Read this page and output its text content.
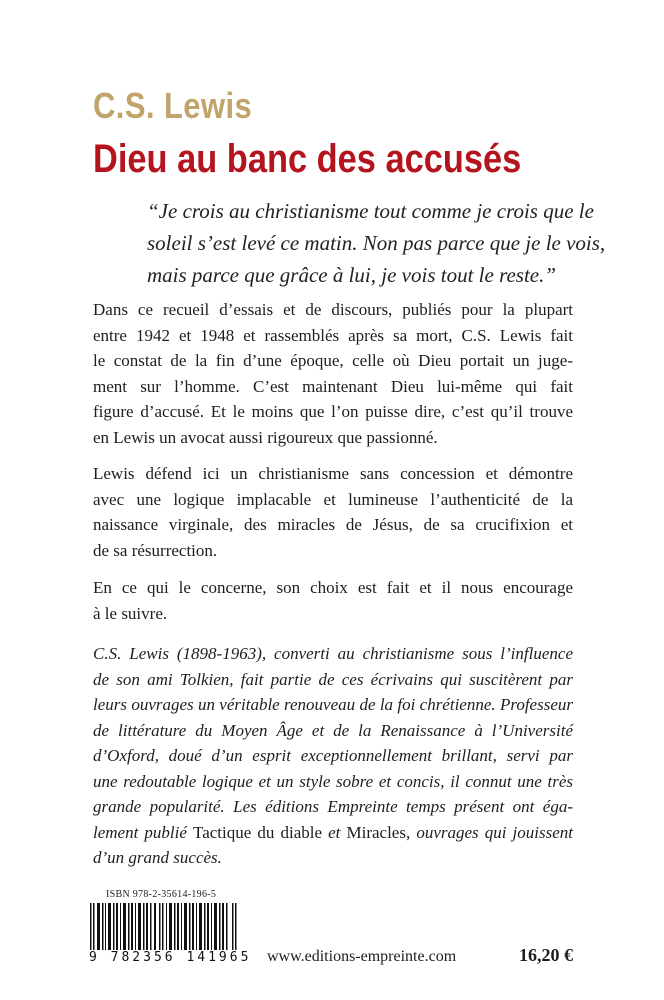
C.S. Lewis
Dieu au banc des accusés

“Je crois au christianisme tout comme je crois que le
soleil s’est levé ce matin. Non pas parce que je le vois,
mais parce que grâce à lui, je vois tout le reste.”

Dans ce recueil d’essais et de discours, publiés pour la plupart
entre 1942 et 1948 et rassemblés après sa mort, C.S. Lewis fait
le constat de la fin d’une époque, celle où Dieu portait un juge-
ment sur l’homme. C’est maintenant Dieu lui-même qui fait
figure d’accusé. Et le moins que l’on puisse dire, c’est qu’il trouve
en Lewis un avocat aussi rigoureux que passionné.

Lewis défend ici un christianisme sans concession et démontre
avec une logique implacable et lumineuse l’authenticité de la
naissance virginale, des miracles de Jésus, de sa crucifixion et
de sa résurrection.

En ce qui le concerne, son choix est fait et il nous encourage
à le suivre.

C.S. Lewis (1898-1963), converti au christianisme sous l’influence
de son ami Tolkien, fait partie de ces écrivains qui suscitèrent par
leurs ouvrages un véritable renouveau de la foi chrétienne. Professeur
de littérature du Moyen Âge et de la Renaissance à l’Université
d’Oxford, doué d’un esprit exceptionnellement brillant, servi par
une redoutable logique et un style sobre et concis, il connut une très
grande popularité. Les éditions Empreinte temps présent ont éga-
lement publié Tactique du diable et Miracles, ouvrages qui jouissent
d’un grand succès.

ISBN 978-2-35614-196-5
9 782356 141965 www.editions-empreinte.com	16,20 €
